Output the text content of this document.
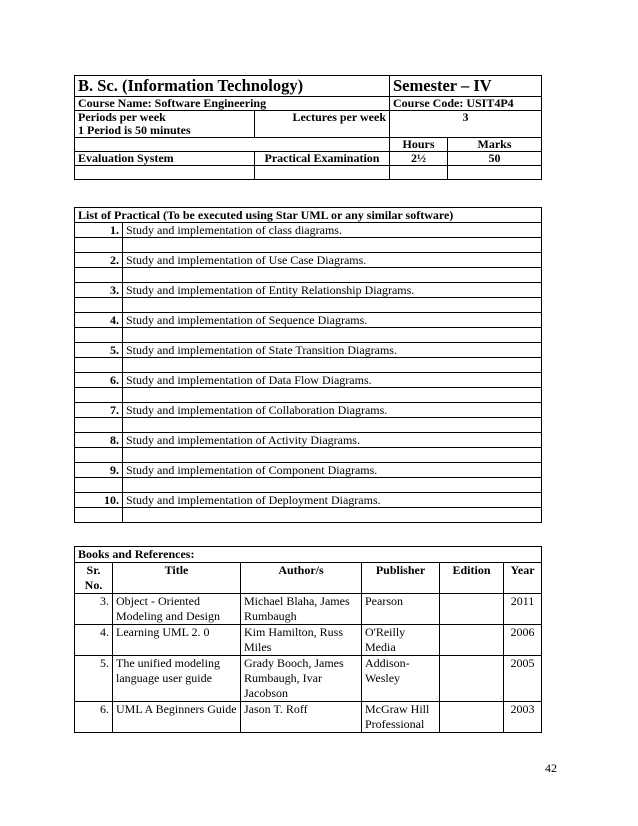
B. Sc. (Information Technology)		Semester – IV	
Course Name: Software Engineering		Course Code: USIT4P4	

Periods per week
1 Period is 50 minutes	Lectures per week	3	
		Hours	Marks
Evaluation System	Practical Examination	2½	50

List of Practical (To be executed using Star UML or any similar software)	
1.	Study and implementation of class diagrams.

2.	Study and implementation of Use Case Diagrams.

3.	Study and implementation of Entity Relationship Diagrams.

4.	Study and implementation of Sequence Diagrams.

5.	Study and implementation of State Transition Diagrams.

6.	Study and implementation of Data Flow Diagrams.

7.	Study and implementation of Collaboration Diagrams.

8.	Study and implementation of Activity Diagrams.

9.	Study and implementation of Component Diagrams.

10.	Study and implementation of Deployment Diagrams.

Books and References:					
Sr. No.	Title	Author/s	Publisher	Edition	Year
3.	Object - Oriented Modeling and Design	Michael Blaha, James Rumbaugh	Pearson		2011
4.	Learning UML 2. 0	Kim Hamilton, Russ Miles	O'Reilly Media		2006
5.	The unified modeling language user guide	Grady Booch, James Rumbaugh, Ivar Jacobson	Addison-Wesley		2005
6.	UML A Beginners Guide	Jason T. Roff	McGraw Hill Professional		2003
42
